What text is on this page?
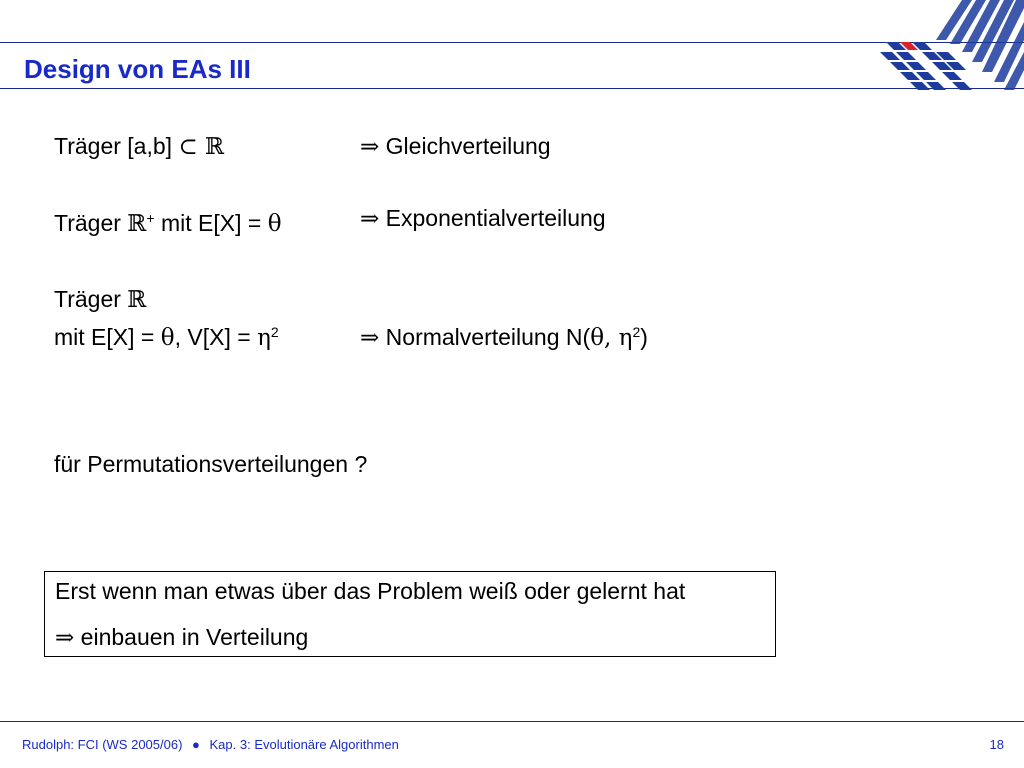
Design von EAs III
Träger [a,b] ⊂ ℝ	⇒ Gleichverteilung
Träger ℝ+ mit E[X] = θ	⇒ Exponentialverteilung
Träger ℝ
mit E[X] = θ, $V[X] = \eta^2$	⇒ Normalverteilung N(θ, $\eta^2$)
für Permutationsverteilungen ?
Erst wenn man etwas über das Problem weiß oder gelernt hat
⇒ einbauen in Verteilung
Rudolph: FCI (WS 2005/06) ● Kap. 3: Evolutionäre Algorithmen	18
